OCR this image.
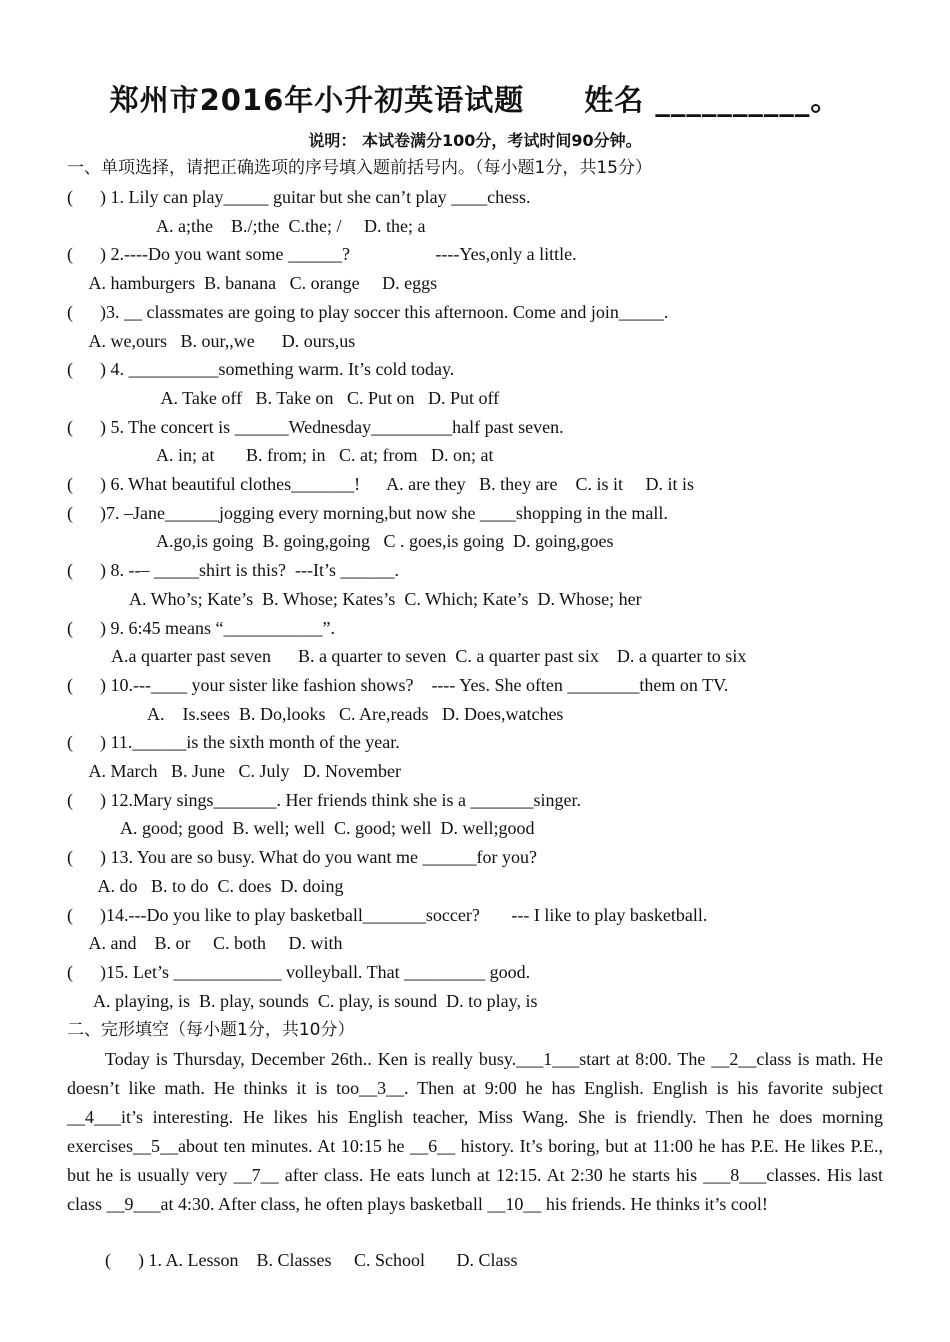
郑州市2016年小升初英语试题 姓名 __________。
说明： 本试卷满分100分，考试时间90分钟。
一、单项选择，请把正确选项的序号填入题前括号内。（每小题1分，共15分）
(      ) 1. Lily can play_____ guitar but she can’t play ____chess.
A. a;the    B./;the  C.the; /     D. the; a
(      ) 2.----Do you want some ______?                   ----Yes,only a little.
A. hamburgers  B. banana   C. orange     D. eggs
(      )3. __ classmates are going to play soccer this afternoon. Come and join_____.
A. we,ours   B. our,,we      D. ours,us
(      ) 4. __________something warm. It’s cold today.
A. Take off   B. Take on   C. Put on   D. Put off
(      ) 5. The concert is ______Wednesday_________half past seven.
A. in; at       B. from; in   C. at; from   D. on; at
(      ) 6. What beautiful clothes_______!      A. are they   B. they are    C. is it     D. it is
(      )7. –Jane______jogging every morning,but now she ____shopping in the mall.
A.go,is going  B. going,going   C . goes,is going  D. going,goes
(      ) 8. --– _____shirt is this?  ---It’s ______.
A. Who’s; Kate’s  B. Whose; Kates’s  C. Which; Kate’s  D. Whose; her
(      ) 9. 6:45 means “___________”.
A.a quarter past seven      B. a quarter to seven  C. a quarter past six    D. a quarter to six
(      ) 10.---____ your sister like fashion shows?    ---- Yes. She often ________them on TV.
A.    Is.sees  B. Do,looks   C. Are,reads   D. Does,watches
(      ) 11.______is the sixth month of the year.
A. March   B. June   C. July   D. November
(      ) 12.Mary sings_______. Her friends think she is a _______singer.
A. good; good  B. well; well  C. good; well  D. well;good
(      ) 13. You are so busy. What do you want me ______for you?
A. do   B. to do  C. does  D. doing
(      )14.---Do you like to play basketball_______soccer?       --- I like to play basketball.
A. and    B. or     C. both     D. with
(      )15. Let’s ____________ volleyball. That _________ good.
A. playing, is  B. play, sounds  C. play, is sound  D. to play, is
二、完形填空（每小题1分，共10分）
Today is Thursday, December 26th.. Ken is really busy.___1___start at 8:00. The __2__class is math. He doesn’t like math. He thinks it is too__3__. Then at 9:00 he has English. English is his favorite subject __4___it’s interesting. He likes his English teacher, Miss Wang. She is friendly. Then he does morning exercises__5__about ten minutes. At 10:15 he __6__ history. It’s boring, but at 11:00 he has P.E. He likes P.E., but he is usually very __7__ after class. He eats lunch at 12:15. At 2:30 he starts his ___8___classes. His last class __9___at 4:30. After class, he often plays basketball __10__ his friends. He thinks it’s cool!
(      ) 1. A. Lesson    B. Classes     C. School       D. Class
